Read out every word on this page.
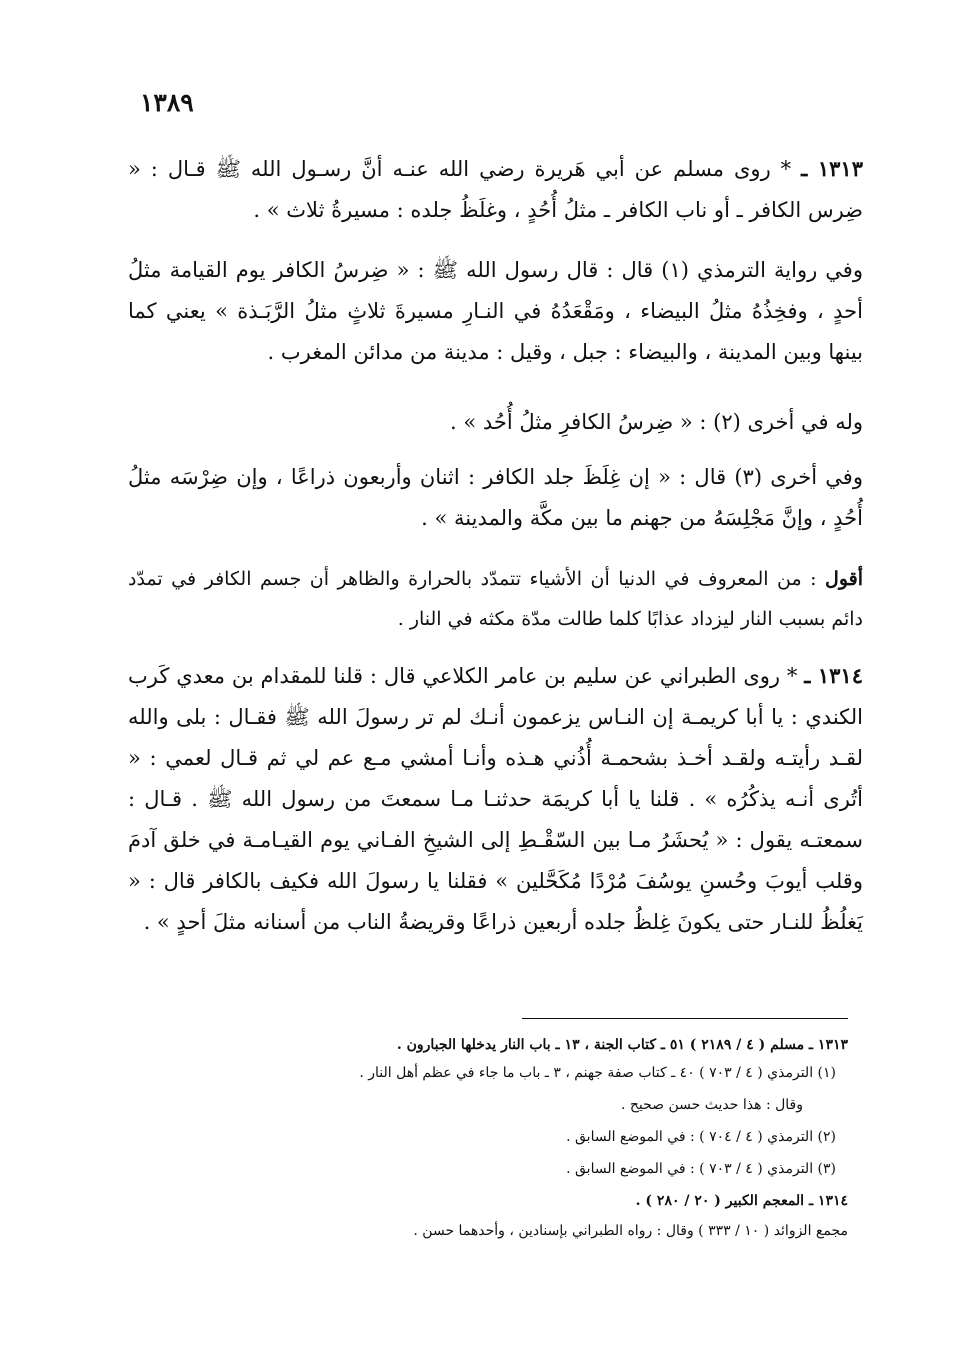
١٣٨٩
١٣١٣ ـ * روى مسلم عن أبي هَريرة رضي الله عنـه أنَّ رسـول الله ﷺ قـال : « ضِرس الكافر ـ أو ناب الكافر ـ مثلُ أُحُدٍ ، وغلَظُ جلده : مسيرةُ ثلاث » .
وفي رواية الترمذي (١) قال : قال رسول الله ﷺ : « ضِرسُ الكافر يوم القيامة مثلُ أحدٍ ، وفخِذُهُ مثلُ البيضاء ، ومَقْعَدُهُ في النـارِ مسيرةَ ثلاثٍ مثلُ الرَّبَـذة » يعني كما بينها وبين المدينة ، والبيضاء : جبل ، وقيل : مدينة من مدائن المغرب .
وله في أخرى (٢) : « ضِرسُ الكافرِ مثلُ أُحُد » .
وفي أخرى (٣) قال : « إن غِلَظَ جلد الكافر : اثنان وأربعون ذراعًا ، وإن ضِرْسَه مثلُ أُحُدٍ ، وإنَّ مَجْلِسَهُ من جهنم ما بين مكَّة والمدينة » .
أقول : من المعروف في الدنيا أن الأشياء تتمدّد بالحرارة والظاهر أن جسم الكافر في تمدّد دائم بسبب النار ليزداد عذابًا كلما طالت مدّة مكثه في النار .
١٣١٤ ـ * روى الطبراني عن سليم بن عامر الكلاعي قال : قلنا للمقدام بن معدي كَرب الكندي : يا أبا كريمـة إن النـاس يزعمون أنـك لم تر رسولَ الله ﷺ فقـال : بلى والله لقـد رأيتـه ولقـد أخـذ بشحمـة أُذُني هـذه وأنـا أمشي مـع عم لي ثم قـال لعمي : « أتُرى أنـه يذكُرُه » . قلنا يا أبا كريمَة حدثنـا مـا سمعتَ من رسول الله ﷺ . قـال : سمعتـه يقول : « يُحشَرُ مـا بين السّقْـطِ إلى الشيخِ الفـاني يوم القيـامـة في خلق آدمَ وقلب أيوبَ وحُسنِ يوسُفَ مُرْدًا مُكَحَّلين » فقلنا يا رسولَ الله فكيف بالكافر قال : « يَغلُظُ للنـار حتى يكونَ غِلظُ جلده أربعين ذراعًا وقريضةُ الناب من أسنانه مثلَ أحدٍ » .
١٣١٣ ـ مسلم ( ٤ / ٢١٨٩ ) ٥١ ـ كتاب الجنة ، ١٣ ـ باب النار يدخلها الجبارون .
(١) الترمذي ( ٤ / ٧٠٣ ) ٤٠ ـ كتاب صفة جهنم ، ٣ ـ باب ما جاء في عظم أهل النار .
وقال : هذا حديث حسن صحيح .
(٢) الترمذي ( ٤ / ٧٠٤ ) : في الموضع السابق .
(٣) الترمذي ( ٤ / ٧٠٣ ) : في الموضع السابق .
١٣١٤ ـ المعجم الكبير ( ٢٠ / ٢٨٠ ) .
مجمع الزوائد ( ١٠ / ٣٣٣ ) وقال : رواه الطبراني بإسنادين ، وأحدهما حسن .
